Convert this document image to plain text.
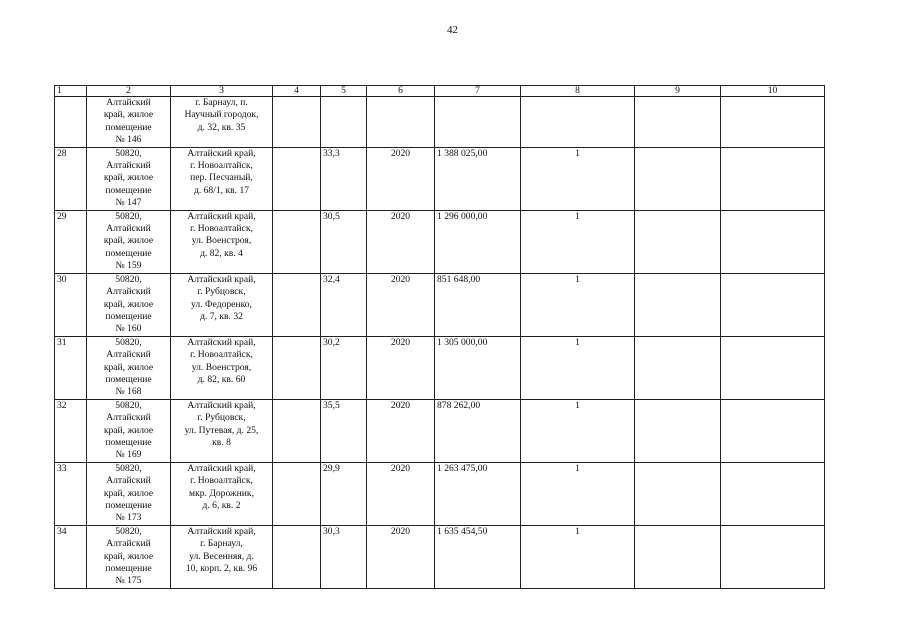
42
1	2	3	4	5	6	7	8	9	10
	Алтайский
край, жилое
помещение
№ 146	г. Барнаул, п.
Научный городок,
д. 32, кв. 35							
28	50820,
Алтайский
край, жилое
помещение
№ 147	Алтайский край,
г. Новоалтайск,
пер. Песчаный,
д. 68/1, кв. 17		33,3	2020	1 388 025,00	1		
29	50820,
Алтайский
край, жилое
помещение
№ 159	Алтайский край,
г. Новоалтайск,
ул. Военстроя,
д. 82, кв. 4		30,5	2020	1 296 000,00	1		
30	50820,
Алтайский
край, жилое
помещение
№ 160	Алтайский край,
г. Рубцовск,
ул. Федоренко,
д. 7, кв. 32		32,4	2020	851 648,00	1		
31	50820,
Алтайский
край, жилое
помещение
№ 168	Алтайский край,
г. Новоалтайск,
ул. Военстроя,
д. 82, кв. 60		30,2	2020	1 305 000,00	1		
32	50820,
Алтайский
край, жилое
помещение
№ 169	Алтайский край,
г. Рубцовск,
ул. Путевая, д. 25,
кв. 8		35,5	2020	878 262,00	1		
33	50820,
Алтайский
край, жилое
помещение
№ 173	Алтайский край,
г. Новоалтайск,
мкр. Дорожник,
д. 6, кв. 2		29,9	2020	1 263 475,00	1		
34	50820,
Алтайский
край, жилое
помещение
№ 175	Алтайский край,
г. Барнаул,
ул. Весенняя, д.
10, корп. 2, кв. 96		30,3	2020	1 635 454,50	1		
